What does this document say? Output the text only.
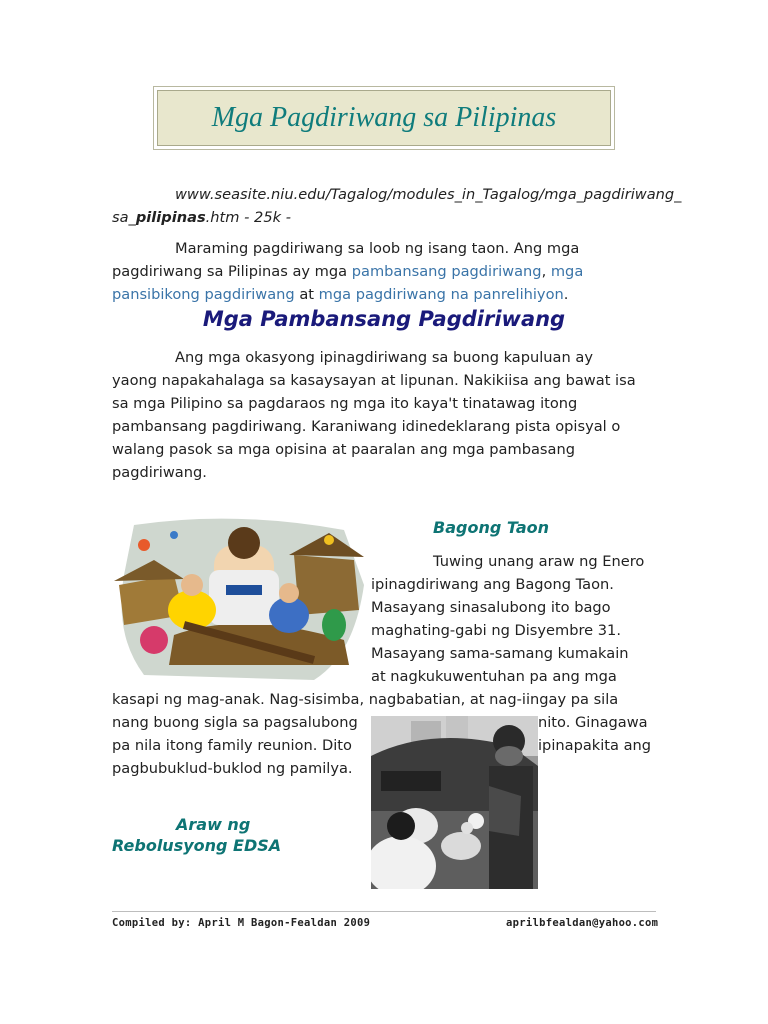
Mga Pagdiriwang sa Pilipinas

www.seasite.niu.edu/Tagalog/modules_in_Tagalog/mga_pagdiriwang_

sa_pilipinas.htm - 25k -

Maraming pagdiriwang sa loob ng isang taon. Ang mga

pagdiriwang sa Pilipinas ay mga pambansang pagdiriwang, mga

pansibikong pagdiriwang at mga pagdiriwang na panrelihiyon.

Mga Pambansang Pagdiriwang

Ang mga okasyong ipinagdiriwang sa buong kapuluan ay

yaong napakahalaga sa kasaysayan at lipunan. Nakikiisa ang bawat isa

sa mga Pilipino sa pagdaraos ng mga ito kaya't tinatawag itong

pambansang pagdiriwang. Karaniwang idinedeklarang pista opisyal o

walang pasok sa mga opisina at paaralan ang mga pambasang

pagdiriwang.

Bagong Taon

Tuwing unang araw ng Enero

ipinagdiriwang ang Bagong Taon.

Masayang sinasalubong ito bago

maghating-gabi ng Disyembre 31.

Masayang sama-samang kumakain

at nagkukuwentuhan pa ang mga

kasapi ng mag-anak. Nag-sisimba, nagbabatian, at nag-iingay pa sila

nang buong sigla sa pagsalubong	nito. Ginagawa

pa nila itong family reunion. Dito	ipinapakita ang

pagbubuklud-buklod ng pamilya.

Araw ng
Rebolusyong EDSA
Compiled by: April M Bagon-Fealdan 2009	aprilbfealdan@yahoo.com
